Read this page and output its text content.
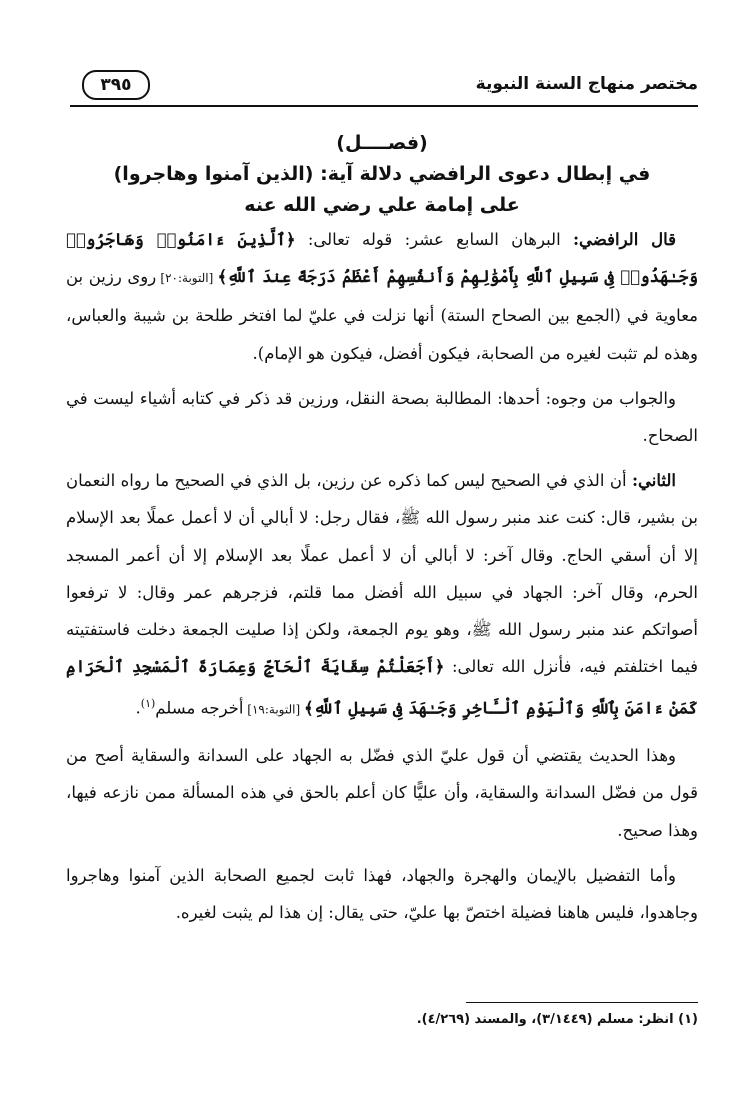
مختصر منهاج السنة النبوية
٣٩٥
(فصــــل)
في إبطال دعوى الرافضي دلالة آية: (الذين آمنوا وهاجروا)
على إمامة علي رضي الله عنه

قال الرافضي: البرهان السابع عشر: قوله تعالى: ﴿ٱلَّذِينَ ءَامَنُوا۟ وَهَاجَرُوا۟ وَجَـٰهَدُوا۟ فِى سَبِيلِ ٱللَّهِ بِأَمْوَٰلِهِمْ وَأَنفُسِهِمْ أَعْظَمُ دَرَجَةً عِندَ ٱللَّهِ﴾ [التوبة:٢٠] روى رزين بن معاوية في (الجمع بين الصحاح الستة) أنها نزلت في عليّ لما افتخر طلحة بن شيبة والعباس، وهذه لم تثبت لغيره من الصحابة، فيكون أفضل، فيكون هو الإمام).

والجواب من وجوه: أحدها: المطالبة بصحة النقل، ورزين قد ذكر في كتابه أشياء ليست في الصحاح.

الثاني: أن الذي في الصحيح ليس كما ذكره عن رزين، بل الذي في الصحيح ما رواه النعمان بن بشير، قال: كنت عند منبر رسول الله ﷺ، فقال رجل: لا أبالي أن لا أعمل عملًا بعد الإسلام إلا أن أسقي الحاج. وقال آخر: لا أبالي أن لا أعمل عملًا بعد الإسلام إلا أن أعمر المسجد الحرم، وقال آخر: الجهاد في سبيل الله أفضل مما قلتم، فزجرهم عمر وقال: لا ترفعوا أصواتكم عند منبر رسول الله ﷺ، وهو يوم الجمعة، ولكن إذا صليت الجمعة دخلت فاستفتيته فيما اختلفتم فيه، فأنزل الله تعالى: ﴿أَجَعَلْتُمْ سِقَايَةَ ٱلْحَآجِّ وَعِمَارَةَ ٱلْمَسْجِدِ ٱلْحَرَامِ كَمَنْ ءَامَنَ بِٱللَّهِ وَٱلْيَوْمِ ٱلْـَٔاخِرِ وَجَـٰهَدَ فِى سَبِيلِ ٱللَّهِ﴾ [التوبة:١٩] أخرجه مسلم$^{(١)}$.

وهذا الحديث يقتضي أن قول عليّ الذي فضّل به الجهاد على السدانة والسقاية أصح من قول من فضّل السدانة والسقاية، وأن عليًّا كان أعلم بالحق في هذه المسألة ممن نازعه فيها، وهذا صحيح.

وأما التفضيل بالإيمان والهجرة والجهاد، فهذا ثابت لجميع الصحابة الذين آمنوا وهاجروا وجاهدوا، فليس هاهنا فضيلة اختصّ بها عليّ، حتى يقال: إن هذا لم يثبت لغيره.

(١) انظر: مسلم (٣/١٤٤٩)، والمسند (٤/٢٦٩).
